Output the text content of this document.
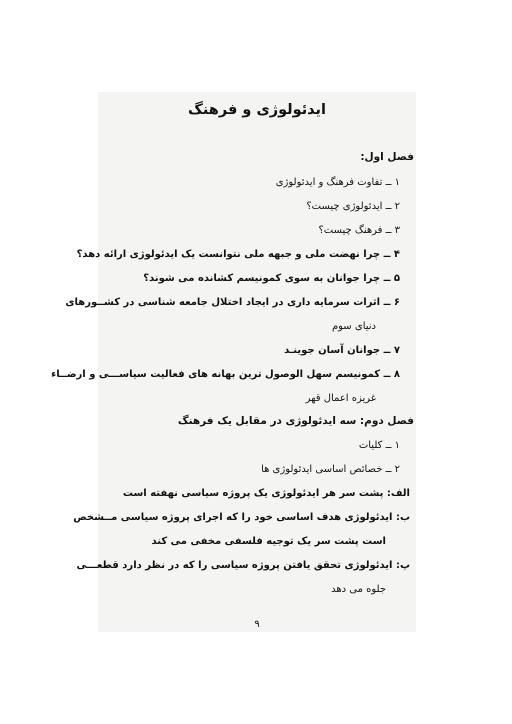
ایدئولوژی و فرهنگ
فصل اول:
۱ ــ تفاوت فرهنگ و ایدئولوژی
۲ ــ ایدئولوژی چیست؟
۳ ــ فرهنگ چیست؟
۴ ــ چرا نهضت ملی و جبهه ملی نتوانست یک ایدئولوژی ارائه دهد؟
۵ ــ چرا جوانان به سوی کمونیسم کشانده می شوند؟
۶ ــ اثرات سرمایه داری در ایجاد اختلال جامعه شناسی در کشــورهای
دنیای سوم
۷ ــ جوانان آسان جوینـد
۸ ــ کمونیسم سهل الوصول ترین بهانه های فعالیت سیاســـی و ارضــاء
غریزه اعمال قهر
فصل دوم: سه ایدئولوژی در مقابل یک فرهنگ
۱ ــ کلیات
۲ ــ خصائص اساسی ایدئولوژی ها
الف: پشت سر هر ایدئولوژی یک پروژه سیاسی نهفته است
ب: ایدئولوژی هدف اساسی خود را که اجرای پروژه سیاسی مــشخص
است پشت سر یک توجیه فلسفی مخفی می کند
پ: ایدئولوژی تحقق یافتن پروژه سیاسی را که در نظر دارد قطعـــی
جلوه می دهد
۹
